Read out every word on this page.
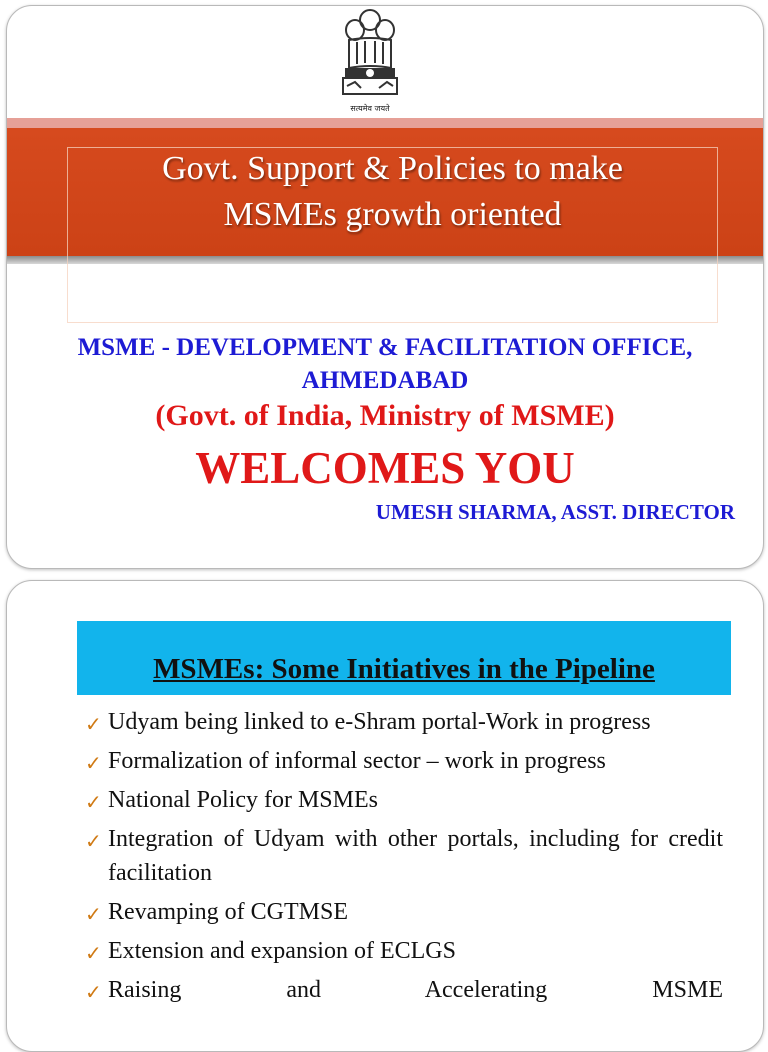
सत्यमेव जयते
Govt. Support & Policies to make
MSMEs growth oriented
MSME - DEVELOPMENT & FACILITATION OFFICE,
AHMEDABAD
(Govt. of India, Ministry of MSME)
WELCOMES YOU
UMESH SHARMA, ASST. DIRECTOR
MSMEs: Some Initiatives in the Pipeline
✓ Udyam being linked to e-Shram portal-Work in progress
✓ Formalization of informal sector – work in progress
✓ National Policy for MSMEs
✓ Integration of Udyam with other portals, including for credit facilitation
✓ Revamping of CGTMSE
✓ Extension and expansion of ECLGS
✓ Raising and Accelerating MSME
